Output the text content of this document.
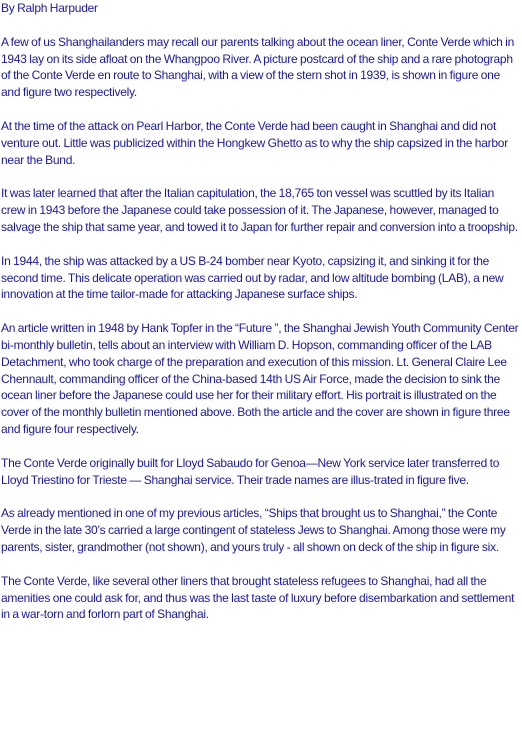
By Ralph Harpuder

A few of us Shanghailanders may recall our parents talking about the ocean liner, Conte Verde which in 1943 lay on its side afloat on the Whangpoo River. A picture postcard of the ship and a rare photograph of the Conte Verde en route to Shanghai, with a view of the stern shot in 1939, is shown in figure one and figure two respectively.

At the time of the attack on Pearl Harbor, the Conte Verde had been caught in Shanghai and did not venture out. Little was publicized within the Hongkew Ghetto as to why the ship capsized in the harbor near the Bund.

It was later learned that after the Italian capitulation, the 18,765 ton vessel was scuttled by its Italian crew in 1943 before the Japanese could take possession of it. The Japanese, however, managed to salvage the ship that same year, and towed it to Japan for further repair and conversion into a troopship.

In 1944, the ship was attacked by a US B-24 bomber near Kyoto, capsizing it, and sinking it for the second time. This delicate operation was carried out by radar, and low altitude bombing (LAB), a new innovation at the time tailor-made for attacking Japanese surface ships.

An article written in 1948 by Hank Topfer in the “Future ”, the Shanghai Jewish Youth Community Center bi-monthly bulletin, tells about an interview with William D. Hopson, commanding officer of the LAB Detachment, who took charge of the preparation and execution of this mission. Lt. General Claire Lee Chennault, commanding officer of the China-based 14th US Air Force, made the decision to sink the ocean liner before the Japanese could use her for their military effort. His portrait is illustrated on the cover of the monthly bulletin mentioned above. Both the article and the cover are shown in figure three and figure four respectively.

The Conte Verde originally built for Lloyd Sabaudo for Genoa—New York service later transferred to Lloyd Triestino for Trieste — Shanghai service. Their trade names are illus-trated in figure five.

As already mentioned in one of my previous articles, “Ships that brought us to Shanghai,” the Conte Verde in the late 30’s carried a large contingent of stateless Jews to Shanghai. Among those were my parents, sister, grandmother (not shown), and yours truly - all shown on deck of the ship in figure six.

The Conte Verde, like several other liners that brought stateless refugees to Shanghai, had all the amenities one could ask for, and thus was the last taste of luxury before disembarkation and settlement in a war-torn and forlorn part of Shanghai.
